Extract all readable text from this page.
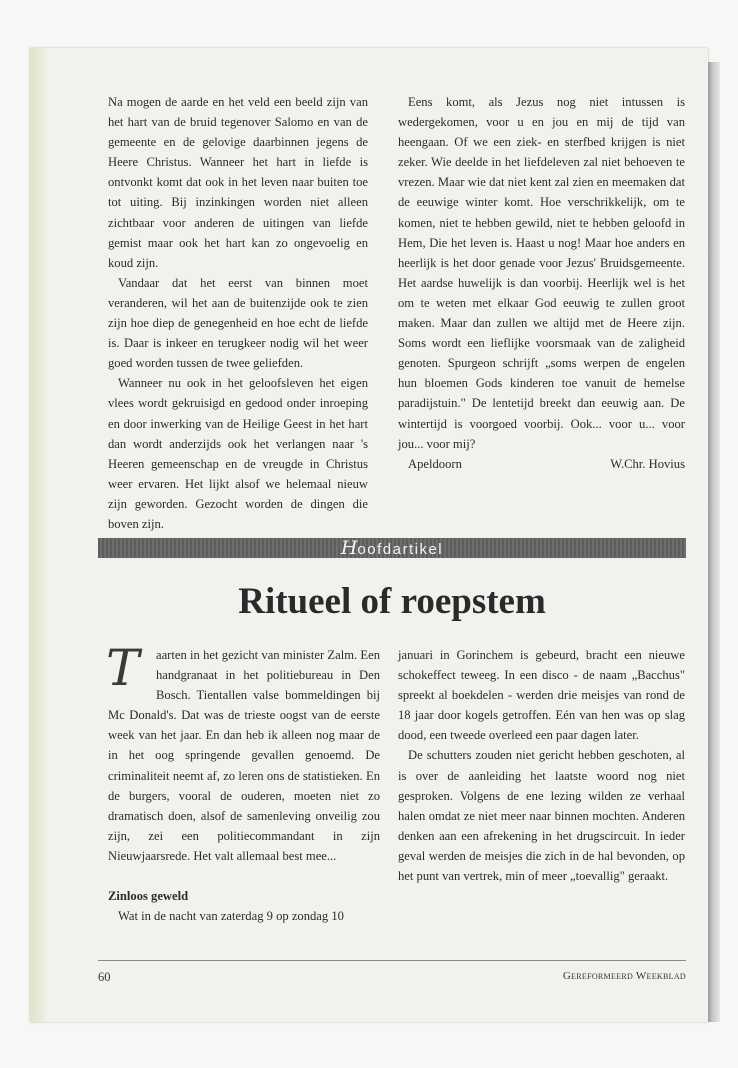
Na mogen de aarde en het veld een beeld zijn van het hart van de bruid tegenover Salomo en van de gemeente en de gelovige daarbinnen jegens de Heere Christus. Wanneer het hart in liefde is ontvonkt komt dat ook in het leven naar buiten toe tot uiting. Bij inzinkingen worden niet alleen zichtbaar voor anderen de uitingen van liefde gemist maar ook het hart kan zo ongevoelig en koud zijn.

Vandaar dat het eerst van binnen moet veranderen, wil het aan de buitenzijde ook te zien zijn hoe diep de genegenheid en hoe echt de liefde is. Daar is inkeer en terugkeer nodig wil het weer goed worden tussen de twee geliefden.

Wanneer nu ook in het geloofsleven het eigen vlees wordt gekruisigd en gedood onder inroeping en door inwerking van de Heilige Geest in het hart dan wordt anderzijds ook het verlangen naar 's Heeren gemeenschap en de vreugde in Christus weer ervaren. Het lijkt alsof we helemaal nieuw zijn geworden. Gezocht worden de dingen die boven zijn.

Eens komt, als Jezus nog niet intussen is wedergekomen, voor u en jou en mij de tijd van heengaan. Of we een ziek- en sterfbed krijgen is niet zeker. Wie deelde in het liefdeleven zal niet behoeven te vrezen. Maar wie dat niet kent zal zien en meemaken dat de eeuwige winter komt. Hoe verschrikkelijk, om te komen, niet te hebben gewild, niet te hebben geloofd in Hem, Die het leven is. Haast u nog! Maar hoe anders en heerlijk is het door genade voor Jezus' Bruidsgemeente. Het aardse huwelijk is dan voorbij. Heerlijk wel is het om te weten met elkaar God eeuwig te zullen groot maken. Maar dan zullen we altijd met de Heere zijn. Soms wordt een lieflijke voorsmaak van de zaligheid genoten. Spurgeon schrijft „soms werpen de engelen hun bloemen Gods kinderen toe vanuit de hemelse paradijstuin." De lentetijd breekt dan eeuwig aan. De wintertijd is voorgoed voorbij. Ook... voor u... voor jou... voor mij?

Apeldoorn	W.Chr. Hovius

Hoofdartikel
Ritueel of roepstem

T	aarten in het gezicht van minister Zalm. Een handgranaat in het politiebureau in Den Bosch. Tientallen valse bommeldingen bij Mc Donald's. Dat was de trieste oogst van de eerste week van het jaar. En dan heb ik alleen nog maar de in het oog springende gevallen genoemd. De criminaliteit neemt af, zo leren ons de statistieken. En de burgers, vooral de ouderen, moeten niet zo dramatisch doen, alsof de samenleving onveilig zou zijn, zei een politiecommandant in zijn Nieuwjaarsrede. Het valt allemaal best mee...

Zinloos geweld

Wat in de nacht van zaterdag 9 op zondag 10

januari in Gorinchem is gebeurd, bracht een nieuwe schokeffect teweeg. In een disco - de naam „Bacchus" spreekt al boekdelen - werden drie meisjes van rond de 18 jaar door kogels getroffen. Eén van hen was op slag dood, een tweede overleed een paar dagen later.

De schutters zouden niet gericht hebben geschoten, al is over de aanleiding het laatste woord nog niet gesproken. Volgens de ene lezing wilden ze verhaal halen omdat ze niet meer naar binnen mochten. Anderen denken aan een afrekening in het drugscircuit. In ieder geval werden de meisjes die zich in de hal bevonden, op het punt van vertrek, min of meer „toevallig" geraakt.

60	Gereformeerd Weekblad
